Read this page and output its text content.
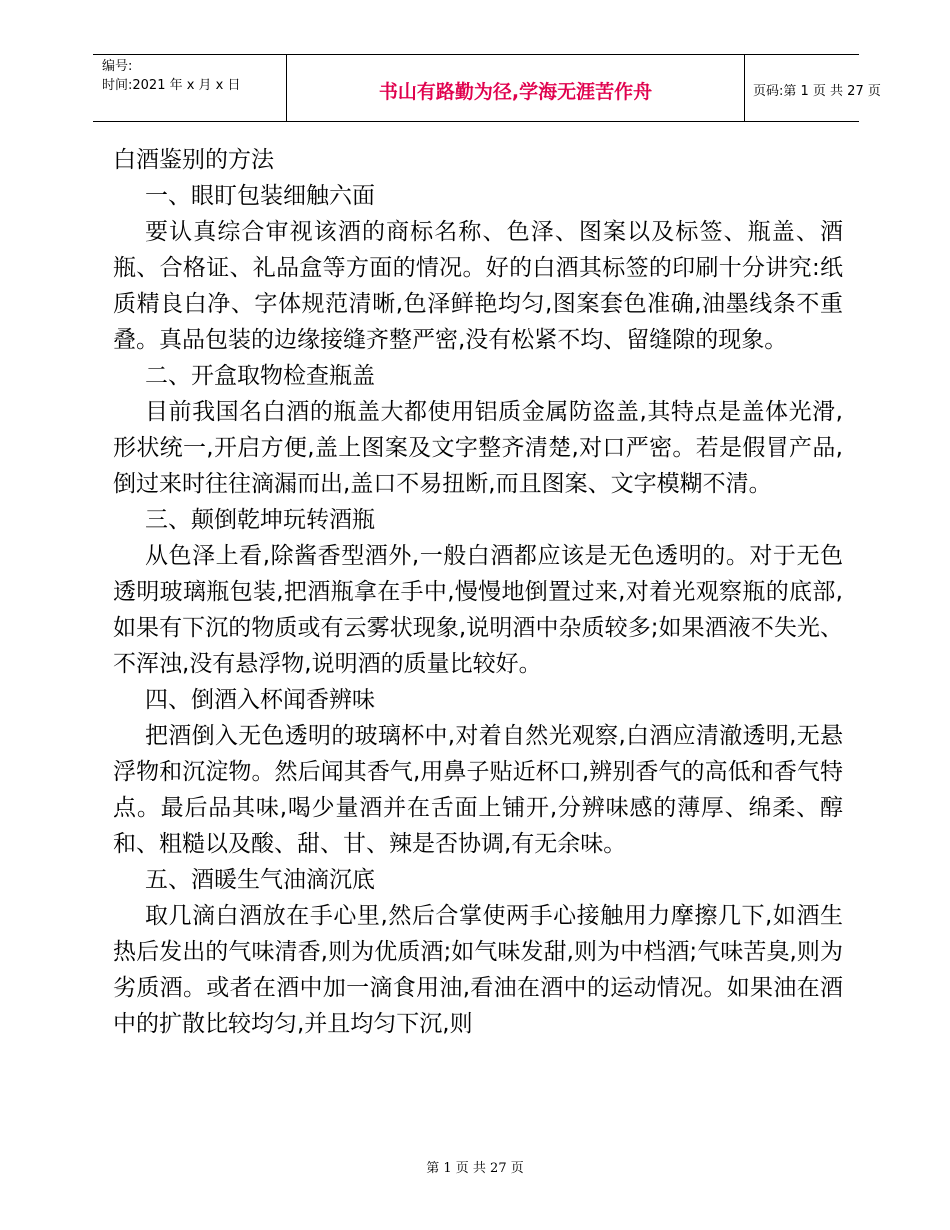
编号:
时间:2021 年 x 月 x 日	书山有路勤为径,学海无涯苦作舟	页码:第 1 页 共 27 页
白酒鉴别的方法
一、眼盯包装细触六面

要认真综合审视该酒的商标名称、色泽、图案以及标签、瓶盖、酒瓶、合格证、礼品盒等方面的情况。好的白酒其标签的印刷十分讲究:纸质精良白净、字体规范清晰,色泽鲜艳均匀,图案套色准确,油墨线条不重叠。真品包装的边缘接缝齐整严密,没有松紧不均、留缝隙的现象。

二、开盒取物检查瓶盖

目前我国名白酒的瓶盖大都使用铝质金属防盗盖,其特点是盖体光滑,形状统一,开启方便,盖上图案及文字整齐清楚,对口严密。若是假冒产品,倒过来时往往滴漏而出,盖口不易扭断,而且图案、文字模糊不清。

三、颠倒乾坤玩转酒瓶

从色泽上看,除酱香型酒外,一般白酒都应该是无色透明的。对于无色透明玻璃瓶包装,把酒瓶拿在手中,慢慢地倒置过来,对着光观察瓶的底部,如果有下沉的物质或有云雾状现象,说明酒中杂质较多;如果酒液不失光、不浑浊,没有悬浮物,说明酒的质量比较好。

四、倒酒入杯闻香辨味

把酒倒入无色透明的玻璃杯中,对着自然光观察,白酒应清澈透明,无悬浮物和沉淀物。然后闻其香气,用鼻子贴近杯口,辨别香气的高低和香气特点。最后品其味,喝少量酒并在舌面上铺开,分辨味感的薄厚、绵柔、醇和、粗糙以及酸、甜、甘、辣是否协调,有无余味。

五、酒暖生气油滴沉底

取几滴白酒放在手心里,然后合掌使两手心接触用力摩擦几下,如酒生热后发出的气味清香,则为优质酒;如气味发甜,则为中档酒;气味苦臭,则为劣质酒。或者在酒中加一滴食用油,看油在酒中的运动情况。如果油在酒中的扩散比较均匀,并且均匀下沉,则

第 1 页 共 27 页
